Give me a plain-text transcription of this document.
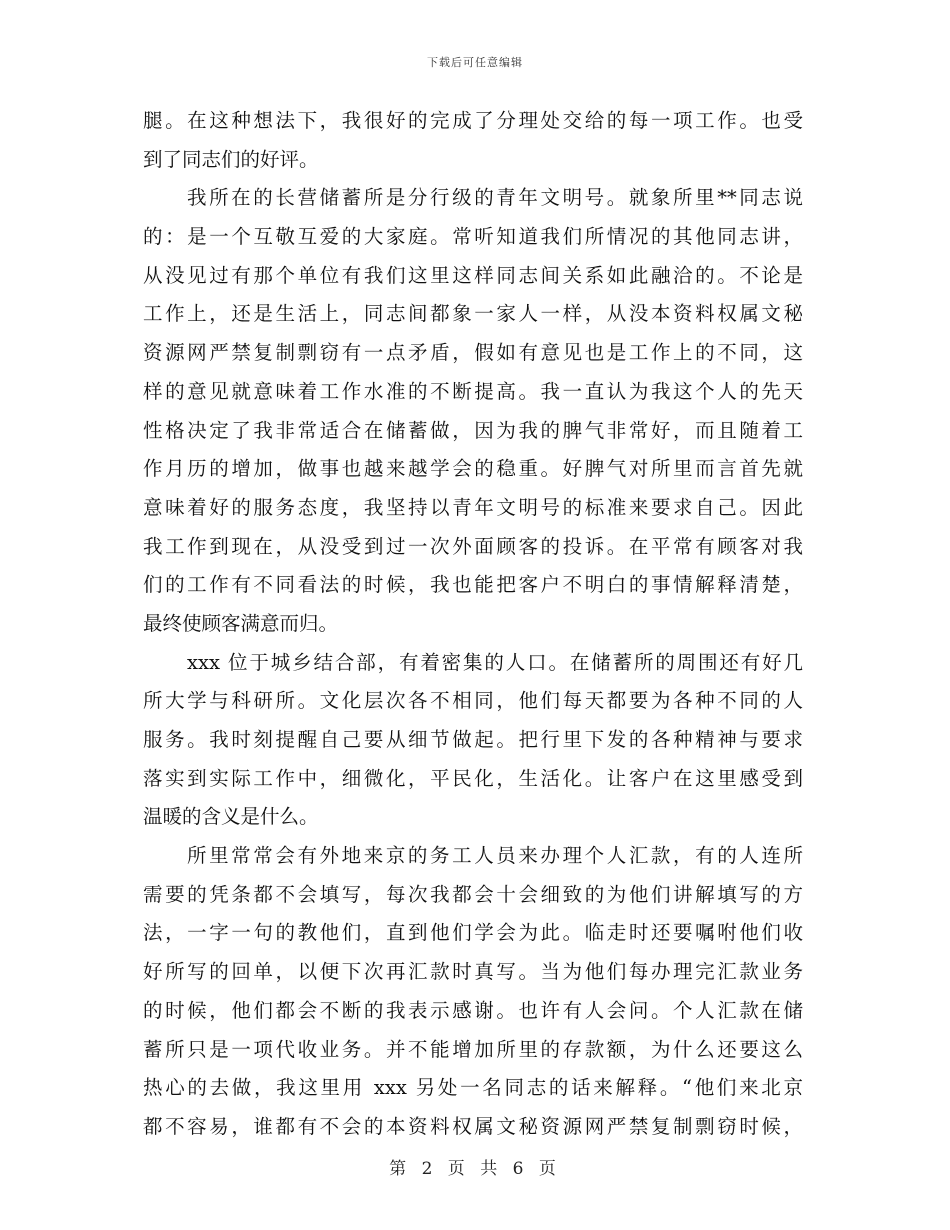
下载后可任意编辑
腿。在这种想法下，我很好的完成了分理处交给的每一项工作。也受
到了同志们的好评。
我所在的长营储蓄所是分行级的青年文明号。就象所里**同志说
的：是一个互敬互爱的大家庭。常听知道我们所情况的其他同志讲，
从没见过有那个单位有我们这里这样同志间关系如此融洽的。不论是
工作上，还是生活上，同志间都象一家人一样，从没本资料权属文秘
资源网严禁复制剽窃有一点矛盾，假如有意见也是工作上的不同，这
样的意见就意味着工作水准的不断提高。我一直认为我这个人的先天
性格决定了我非常适合在储蓄做，因为我的脾气非常好，而且随着工
作月历的增加，做事也越来越学会的稳重。好脾气对所里而言首先就
意味着好的服务态度，我坚持以青年文明号的标准来要求自己。因此
我工作到现在，从没受到过一次外面顾客的投诉。在平常有顾客对我
们的工作有不同看法的时候，我也能把客户不明白的事情解释清楚，
最终使顾客满意而归。
xxx 位于城乡结合部，有着密集的人口。在储蓄所的周围还有好几
所大学与科研所。文化层次各不相同，他们每天都要为各种不同的人
服务。我时刻提醒自己要从细节做起。把行里下发的各种精神与要求
落实到实际工作中，细微化，平民化，生活化。让客户在这里感受到
温暖的含义是什么。
所里常常会有外地来京的务工人员来办理个人汇款，有的人连所
需要的凭条都不会填写，每次我都会十会细致的为他们讲解填写的方
法，一字一句的教他们，直到他们学会为此。临走时还要嘱咐他们收
好所写的回单，以便下次再汇款时真写。当为他们每办理完汇款业务
的时候，他们都会不断的我表示感谢。也许有人会问。个人汇款在储
蓄所只是一项代收业务。并不能增加所里的存款额，为什么还要这么
热心的去做，我这里用 xxx 另处一名同志的话来解释。“他们来北京
都不容易，谁都有不会的本资料权属文秘资源网严禁复制剽窃时候，
第 2 页 共 6 页
